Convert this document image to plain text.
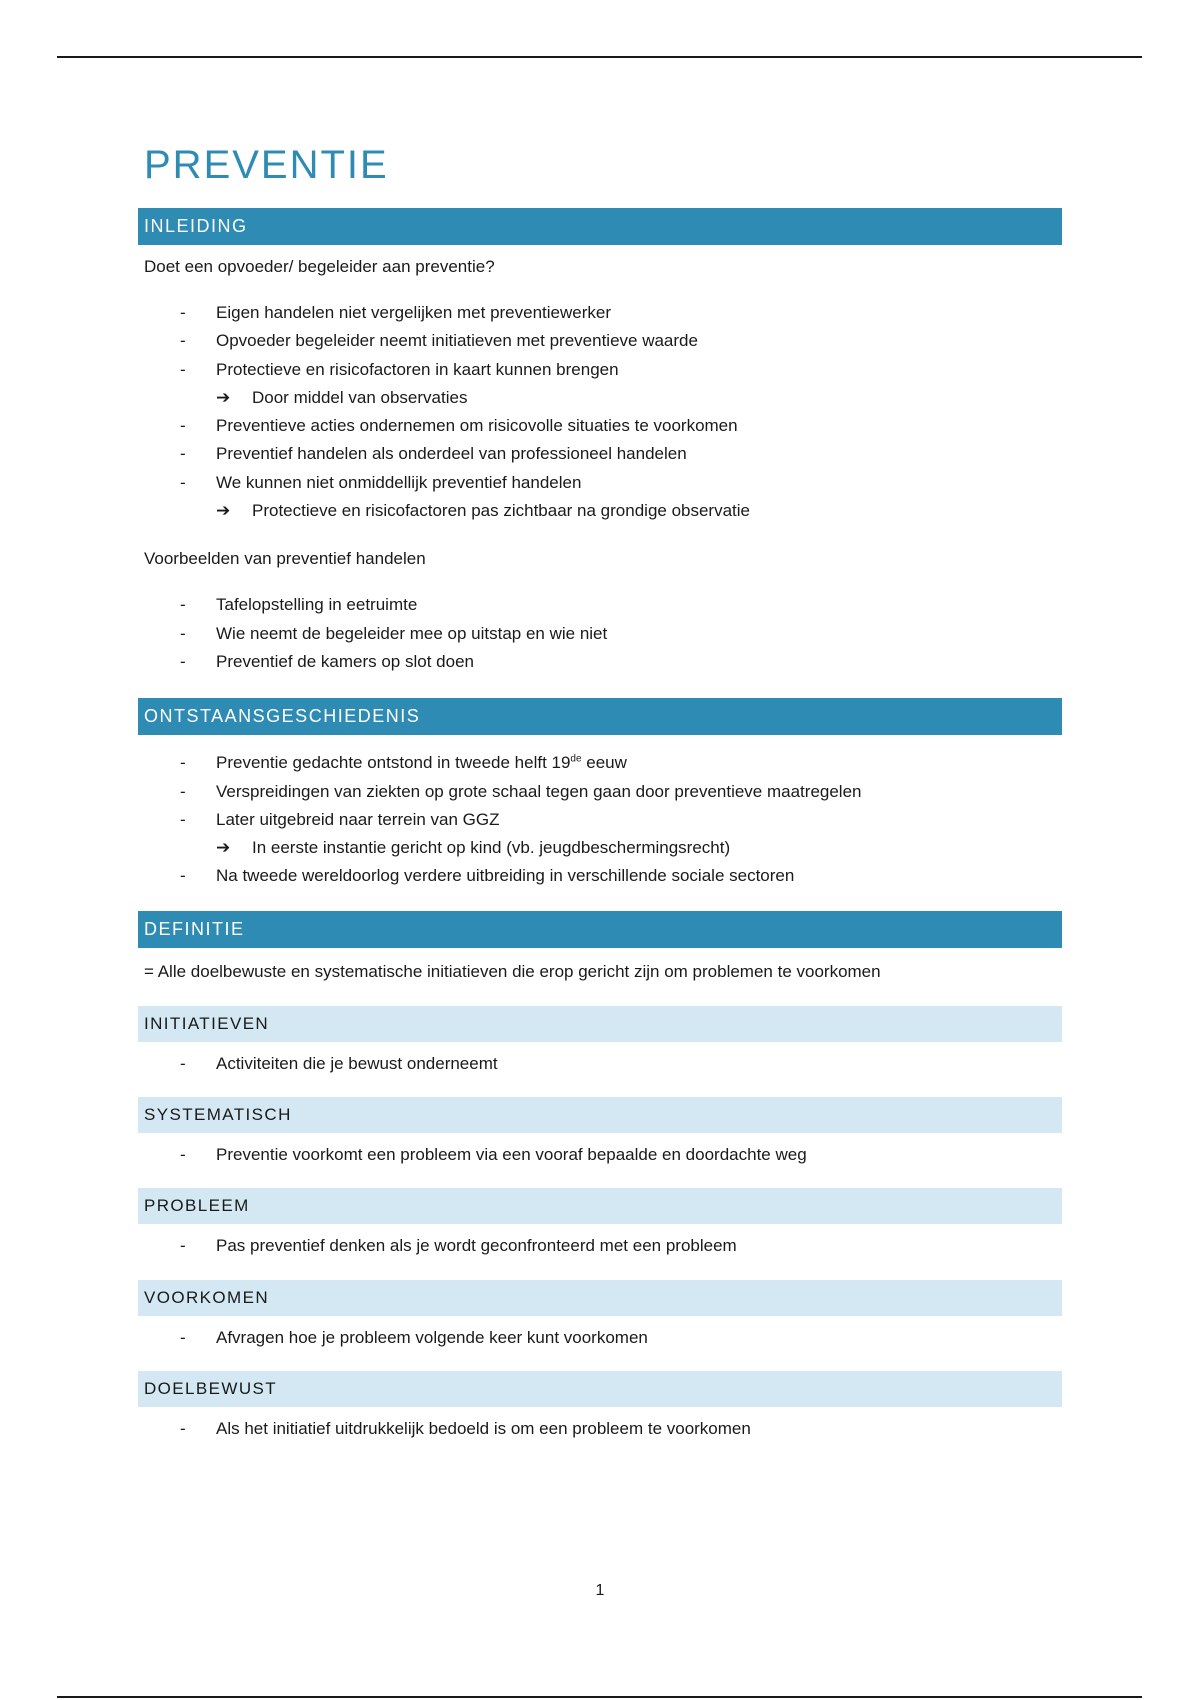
PREVENTIE
INLEIDING

Doet een opvoeder/ begeleider aan preventie?

- Eigen handelen niet vergelijken met preventiewerker
- Opvoeder begeleider neemt initiatieven met preventieve waarde
- Protectieve en risicofactoren in kaart kunnen brengen
➔ Door middel van observaties
- Preventieve acties ondernemen om risicovolle situaties te voorkomen
- Preventief handelen als onderdeel van professioneel handelen
- We kunnen niet onmiddellijk preventief handelen
➔ Protectieve en risicofactoren pas zichtbaar na grondige observatie

Voorbeelden van preventief handelen

- Tafelopstelling in eetruimte
- Wie neemt de begeleider mee op uitstap en wie niet
- Preventief de kamers op slot doen
ONTSTAANSGESCHIEDENIS
- Preventie gedachte ontstond in tweede helft 19de eeuw
- Verspreidingen van ziekten op grote schaal tegen gaan door preventieve maatregelen
- Later uitgebreid naar terrein van GGZ
➔ In eerste instantie gericht op kind (vb. jeugdbeschermingsrecht)
- Na tweede wereldoorlog verdere uitbreiding in verschillende sociale sectoren
DEFINITIE

= Alle doelbewuste en systematische initiatieven die erop gericht zijn om problemen te voorkomen

INITIATIEVEN
- Activiteiten die je bewust onderneemt
SYSTEMATISCH
- Preventie voorkomt een probleem via een vooraf bepaalde en doordachte weg
PROBLEEM
- Pas preventief denken als je wordt geconfronteerd met een probleem
VOORKOMEN
- Afvragen hoe je probleem volgende keer kunt voorkomen
DOELBEWUST
- Als het initiatief uitdrukkelijk bedoeld is om een probleem te voorkomen
1
